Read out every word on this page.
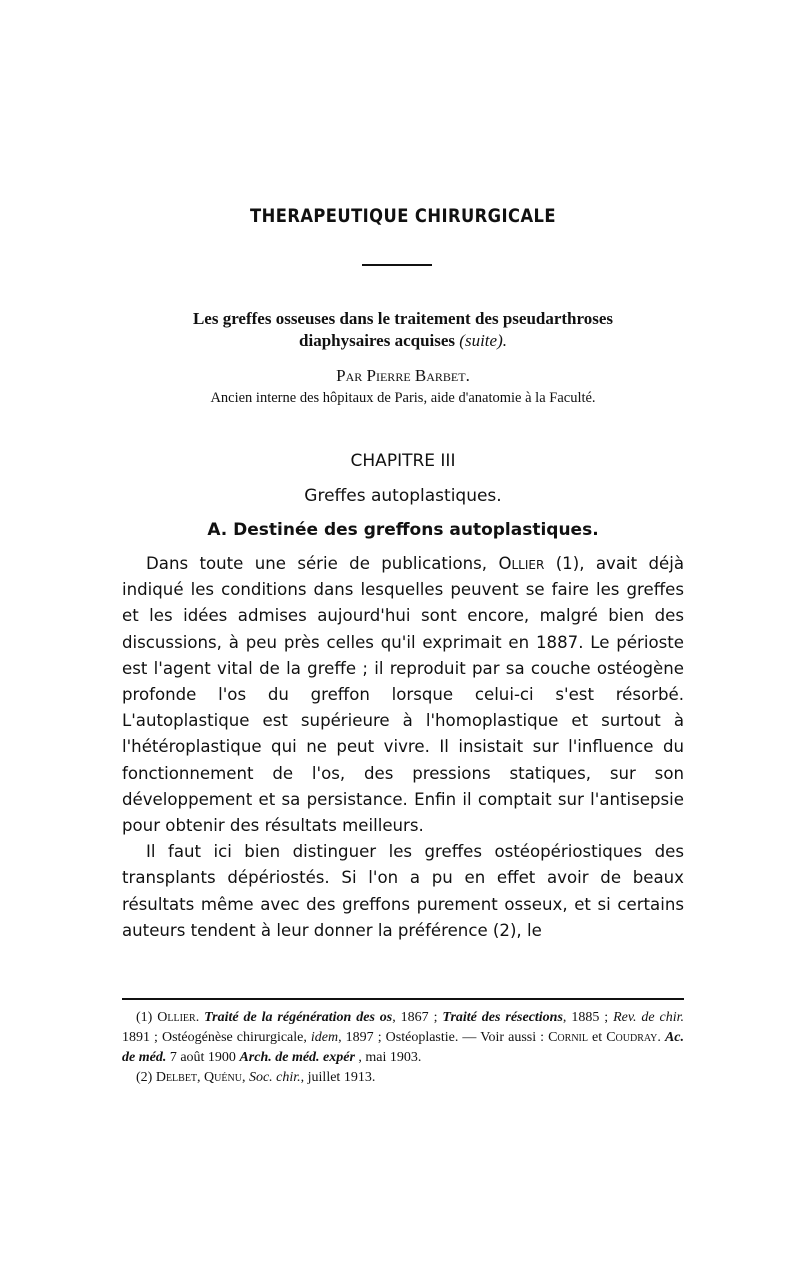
THERAPEUTIQUE CHIRURGICALE
Les greffes osseuses dans le traitement des pseudarthroses
diaphysaires acquises (suite).
Par Pierre Barbet.
Ancien interne des hôpitaux de Paris, aide d'anatomie à la Faculté.
CHAPITRE III
Greffes autoplastiques.
A. Destinée des greffons autoplastiques.

Dans toute une série de publications, Ollier (1), avait déjà indiqué les conditions dans lesquelles peuvent se faire les greffes et les idées admises aujourd'hui sont encore, malgré bien des discussions, à peu près celles qu'il exprimait en 1887. Le périoste est l'agent vital de la greffe ; il reproduit par sa couche ostéogène profonde l'os du greffon lorsque celui-ci s'est résorbé. L'autoplastique est supérieure à l'homoplastique et surtout à l'hétéroplastique qui ne peut vivre. Il insistait sur l'influence du fonctionnement de l'os, des pressions statiques, sur son développement et sa persistance. Enfin il comptait sur l'antisepsie pour obtenir des résultats meilleurs.

Il faut ici bien distinguer les greffes ostéopériostiques des transplants dépériostés. Si l'on a pu en effet avoir de beaux résultats même avec des greffons purement osseux, et si certains auteurs tendent à leur donner la préférence (2), le

(1) Ollier. Traité de la régénération des os, 1867 ; Traité des résections, 1885 ; Rev. de chir. 1891 ; Ostéogénèse chirurgicale, idem, 1897 ; Ostéoplastie. — Voir aussi : Cornil et Coudray. Ac. de méd. 7 août 1900 Arch. de méd. expér , mai 1903.

(2) Delbet, Quénu, Soc. chir., juillet 1913.
